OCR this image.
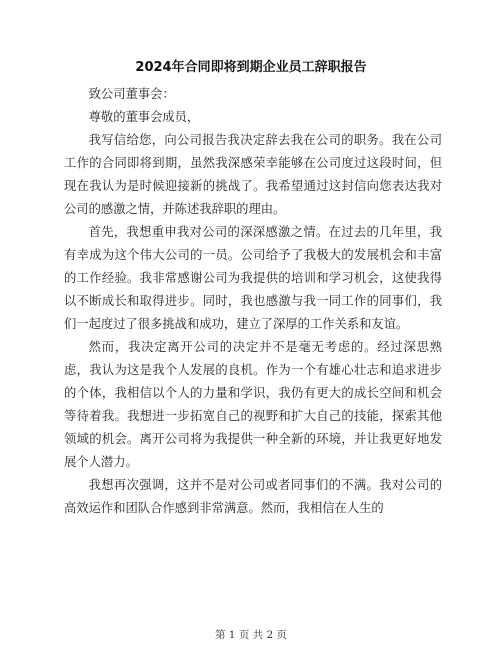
2024年合同即将到期企业员工辞职报告

致公司董事会：

尊敬的董事会成员，

我写信给您，向公司报告我决定辞去我在公司的职务。我在公司工作的合同即将到期，虽然我深感荣幸能够在公司度过这段时间，但现在我认为是时候迎接新的挑战了。我希望通过这封信向您表达我对公司的感激之情，并陈述我辞职的理由。

首先，我想重申我对公司的深深感激之情。在过去的几年里，我有幸成为这个伟大公司的一员。公司给予了我极大的发展机会和丰富的工作经验。我非常感谢公司为我提供的培训和学习机会，这使我得以不断成长和取得进步。同时，我也感激与我一同工作的同事们，我们一起度过了很多挑战和成功，建立了深厚的工作关系和友谊。

然而，我决定离开公司的决定并不是毫无考虑的。经过深思熟虑，我认为这是我个人发展的良机。作为一个有雄心壮志和追求进步的个体，我相信以个人的力量和学识，我仍有更大的成长空间和机会等待着我。我想进一步拓宽自己的视野和扩大自己的技能，探索其他领域的机会。离开公司将为我提供一种全新的环境，并让我更好地发展个人潜力。

我想再次强调，这并不是对公司或者同事们的不满。我对公司的高效运作和团队合作感到非常满意。然而，我相信在人生的

第 1 页 共 2 页
